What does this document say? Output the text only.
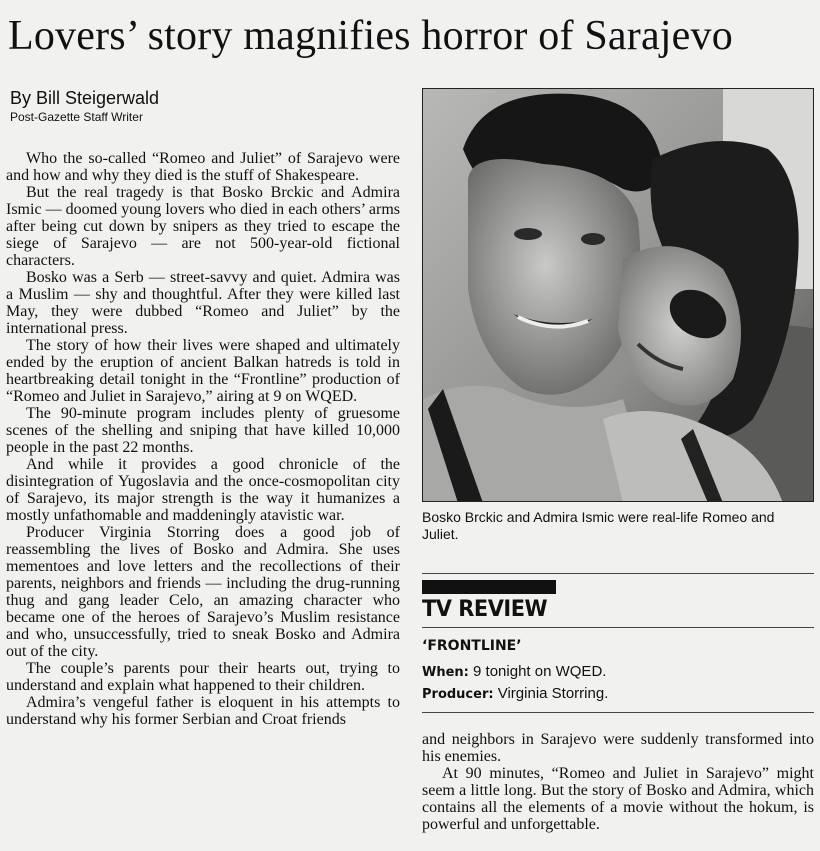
Lovers’ story magnifies horror of Sarajevo
By Bill Steigerwald
Post-Gazette Staff Writer

Who the so-called “Romeo and Juliet” of Sarajevo were and how and why they died is the stuff of Shakespeare.

But the real tragedy is that Bosko Brckic and Admira Ismic — doomed young lovers who died in each others’ arms after being cut down by snipers as they tried to escape the siege of Sarajevo — are not 500-year-old fictional characters.

Bosko was a Serb — street-savvy and quiet. Admira was a Muslim — shy and thoughtful. After they were killed last May, they were dubbed “Romeo and Juliet” by the international press.

The story of how their lives were shaped and ultimately ended by the eruption of ancient Balkan hatreds is told in heartbreaking detail tonight in the “Frontline” production of “Romeo and Juliet in Sarajevo,” airing at 9 on WQED.

The 90-minute program includes plenty of gruesome scenes of the shelling and sniping that have killed 10,000 people in the past 22 months.

And while it provides a good chronicle of the disintegration of Yugoslavia and the once-cosmopolitan city of Sarajevo, its major strength is the way it humanizes a mostly unfathomable and maddeningly atavistic war.

Producer Virginia Storring does a good job of reassembling the lives of Bosko and Admira. She uses mementoes and love letters and the recollections of their parents, neighbors and friends — including the drug-running thug and gang leader Celo, an amazing character who became one of the heroes of Sarajevo’s Muslim resistance and who, unsuccessfully, tried to sneak Bosko and Admira out of the city.

The couple’s parents pour their hearts out, trying to understand and explain what happened to their children.

Admira’s vengeful father is eloquent in his attempts to understand why his former Serbian and Croat friends

Bosko Brckic and Admira Ismic were real-life Romeo and Juliet.
TV REVIEW
‘FRONTLINE’
When: 9 tonight on WQED.
Producer: Virginia Storring.

and neighbors in Sarajevo were suddenly transformed into his enemies.

At 90 minutes, “Romeo and Juliet in Sarajevo” might seem a little long. But the story of Bosko and Admira, which contains all the elements of a movie without the hokum, is powerful and unforgettable.
